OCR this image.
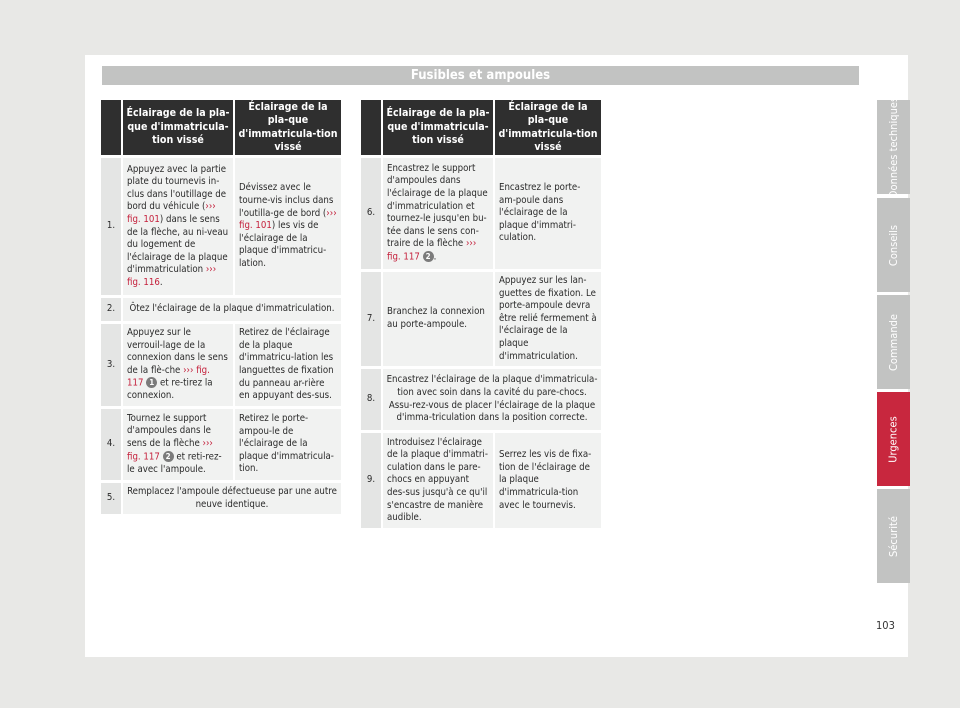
Fusibles et ampoules
	Éclairage de la pla-que d'immatricula-tion vissé	Éclairage de la pla-que d'immatricula-tion vissé
1.	Appuyez avec la partie plate du tournevis in-clus dans l'outillage de bord du véhicule (››› fig. 101) dans le sens de la flèche, au ni-veau du logement de l'éclairage de la plaque d'immatriculation ››› fig. 116.	Dévissez avec le tourne-vis inclus dans l'outilla-ge de bord (››› fig. 101) les vis de l'éclairage de la plaque d'immatricu-lation.
2.	Ôtez l'éclairage de la plaque d'immatriculation.	
3.	Appuyez sur le verrouil-lage de la connexion dans le sens de la flè-che ››› fig. 117 1 et re-tirez la connexion.	Retirez de l'éclairage de la plaque d'immatricu-lation les languettes de fixation du panneau ar-rière en appuyant des-sus.
4.	Tournez le support d'ampoules dans le sens de la flèche ››› fig. 117 2 et reti-rez-le avec l'ampoule.	Retirez le porte-ampou-le de l'éclairage de la plaque d'immatricula-tion.
5.	Remplacez l'ampoule défectueuse par une autre neuve identique.	
	Éclairage de la pla-que d'immatricula-tion vissé	Éclairage de la pla-que d'immatricula-tion vissé
6.	Encastrez le support d'ampoules dans l'éclairage de la plaque d'immatriculation et tournez-le jusqu'en bu-tée dans le sens con-traire de la flèche ››› fig. 117 2 .	Encastrez le porte-am-poule dans l'éclairage de la plaque d'immatri-culation.
7.	Branchez la connexion au porte-ampoule.	Appuyez sur les lan-guettes de fixation. Le porte-ampoule devra être relié fermement à l'éclairage de la plaque d'immatriculation.
8.	Encastrez l'éclairage de la plaque d'immatricula-tion avec soin dans la cavité du pare-chocs. Assu-rez-vous de placer l'éclairage de la plaque d'imma-triculation dans la position correcte.	
9.	Introduisez l'éclairage de la plaque d'immatri-culation dans le pare-chocs en appuyant des-sus jusqu'à ce qu'il s'encastre de manière audible.	Serrez les vis de fixa-tion de l'éclairage de la plaque d'immatricula-tion avec le tournevis.
Données techniques
Conseils
Commande
Urgences
Sécurité
103
